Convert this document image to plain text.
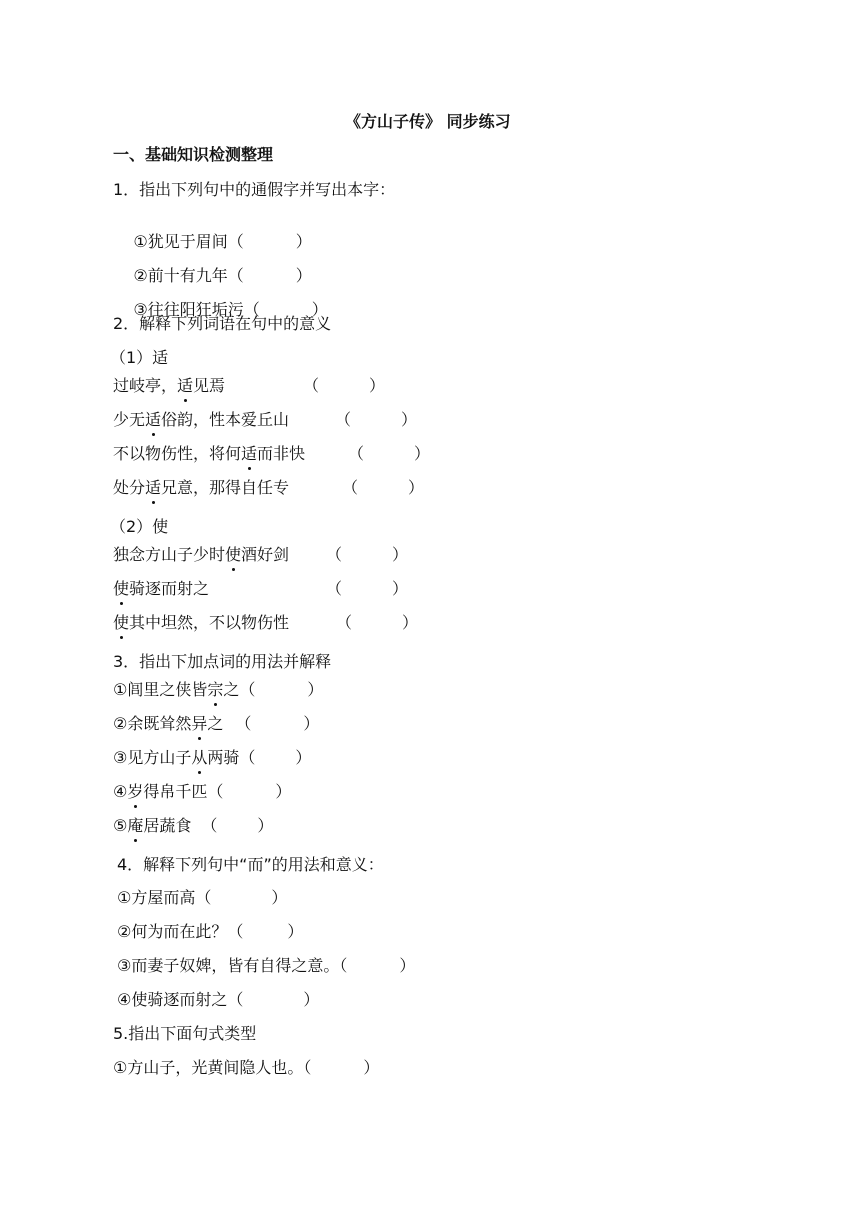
《方山子传》 同步练习
一、基础知识检测整理
1．指出下列句中的通假字并写出本字：

①犹见于眉间（	）

②前十有九年（	）

③往往阳狂垢污（	）

2．解释下列词语在句中的意义
（1）适
过岐亭，适见焉	（	）
少无适俗韵，性本爱丘山	（	）
不以物伤性，将何适而非快	（	）
处分适兄意，那得自任专	（	）
（2）使
独念方山子少时使酒好剑 （	）
使骑逐而射之	（	）
使其中坦然，不以物伤性	（	）
3．指出下加点词的用法并解释
①闾里之侠皆宗之（	）
②余既耸然异之 （	）
③见方山子从两骑（	）
④岁得帛千匹（	）
⑤庵居蔬食 （	）
4．解释下列句中“而”的用法和意义：
①方屋而高（	）
②何为而在此？（	）
③而妻子奴婢，皆有自得之意。（	）
④使骑逐而射之（	）
5.指出下面句式类型
①方山子，光黄间隐人也。（	）
